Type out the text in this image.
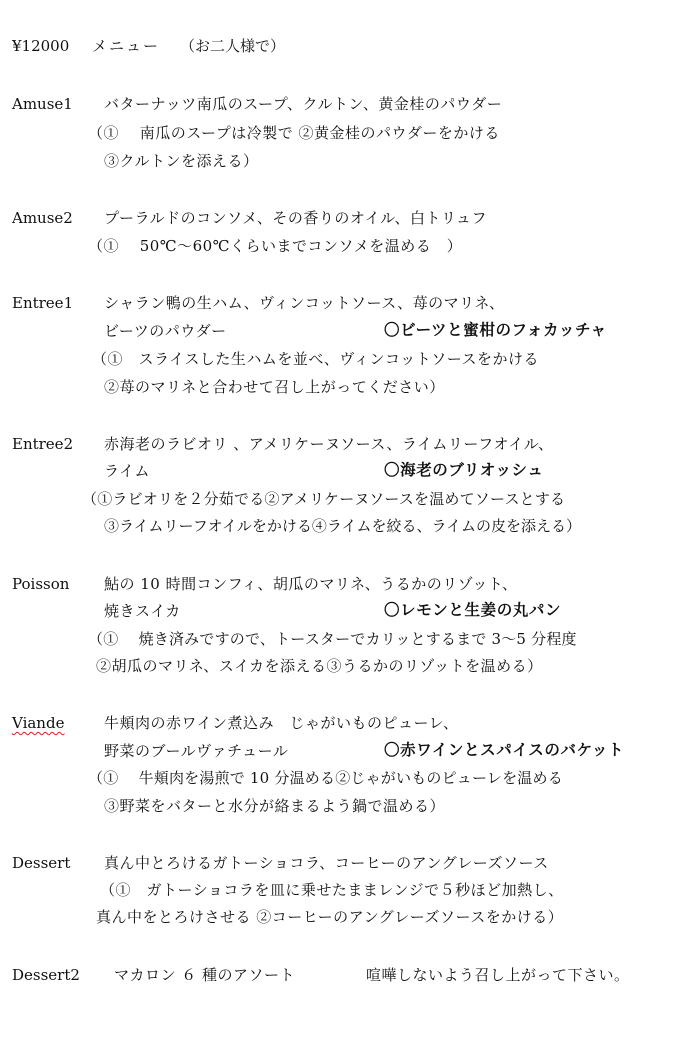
¥12000 メニュー （お二人様で）
Amuse1 バターナッツ南瓜のスープ、クルトン、黄金桂のパウダー
（①　 南瓜のスープは冷製で ②黄金桂のパウダーをかける
③クルトンを添える）
Amuse2 プーラルドのコンソメ、その香りのオイル、白トリュフ
（①　 50℃～60℃くらいまでコンソメを温める　）
Entree1 シャラン鴨の生ハム、ヴィンコットソース、苺のマリネ、
ビーツのパウダー	〇ビーツと蜜柑のフォカッチャ
（①　スライスした生ハムを並べ、ヴィンコットソースをかける
②苺のマリネと合わせて召し上がってください）
Entree2 赤海老のラビオリ 、アメリケーヌソース、ライムリーフオイル、
ライム	〇海老のブリオッシュ
（①ラビオリを２分茹でる②アメリケーヌソースを温めてソースとする
③ライムリーフオイルをかける④ライムを絞る、ライムの皮を添える）
Poisson 鮎の 10 時間コンフィ、胡瓜のマリネ、うるかのリゾット、
焼きスイカ	〇レモンと生姜の丸パン
（①　 焼き済みですので、トースターでカリッとするまで 3～5 分程度
②胡瓜のマリネ、スイカを添える③うるかのリゾットを温める）
Viande	牛頬肉の赤ワイン煮込み　じゃがいものピューレ、
野菜のブールヴァチュール	〇赤ワインとスパイスのバケット
（①　 牛頬肉を湯煎で 10 分温める②じゃがいものピューレを温める
③野菜をバターと水分が絡まるよう鍋で温める）
Dessert 真ん中とろけるガトーショコラ、コーヒーのアングレーズソース
（①　ガトーショコラを皿に乗せたままレンジで５秒ほど加熱し、
真ん中をとろけさせる ②コーヒーのアングレーズソースをかける）
Dessert2 マカロン ６ 種のアソート	喧嘩しないよう召し上がって下さい。
